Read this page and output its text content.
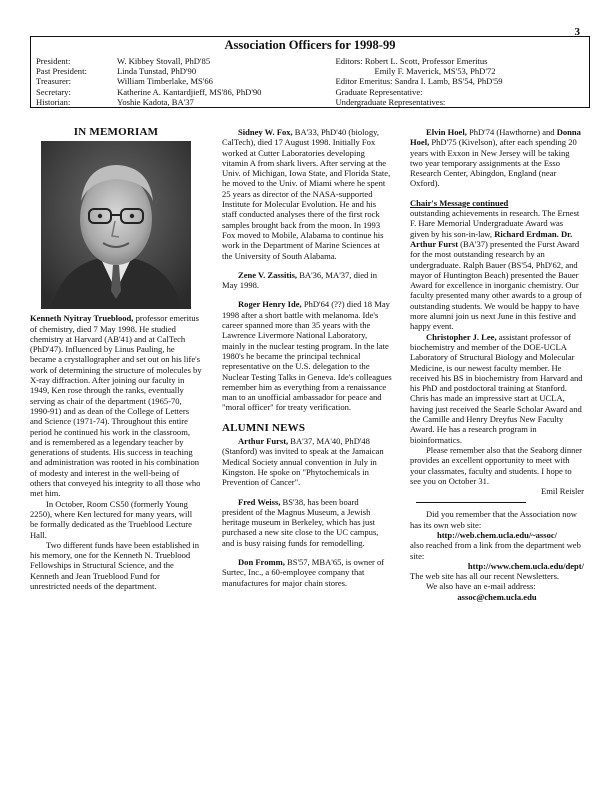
3
Association Officers for 1998-99
President:	W. Kibbey Stovall, PhD'85
Past President:	Linda Tunstad, PhD'90
Treasurer:	William Timberlake, MS'66
Secretary:	Katherine A. Kantardjieff, MS'86, PhD'90
Historian:	Yoshie Kadota, BA'37
Editors: Robert L. Scott, Professor Emeritus
Emily F. Maverick, MS'53, PhD'72
Editor Emeritus: Sandra I. Lamb, BS'54, PhD'59
Graduate Representative:
Undergraduate Representatives:
IN MEMORIAM

Kenneth Nyitray Trueblood, professor emeritus of chemistry, died 7 May 1998. He studied chemistry at Harvard (AB'41) and at CalTech (PhD'47). Influenced by Linus Pauling, he became a crystallographer and set out on his life's work of determining the structure of molecules by X-ray diffraction. After joining our faculty in 1949, Ken rose through the ranks, eventually serving as chair of the department (1965-70, 1990-91) and as dean of the College of Letters and Science (1971-74). Throughout this entire period he continued his work in the classroom, and is remembered as a legendary teacher by generations of students. His success in teaching and administration was rooted in his combination of modesty and interest in the well-being of others that conveyed his integrity to all those who met him.

In October, Room CS50 (formerly Young 2250), where Ken lectured for many years, will be formally dedicated as the Trueblood Lecture Hall.

Two different funds have been established in his memory, one for the Kenneth N. Trueblood Fellowships in Structural Science, and the Kenneth and Jean Trueblood Fund for unrestricted needs of the department.

Sidney W. Fox, BA'33, PhD'40 (biology, CalTech), died 17 August 1998. Initially Fox worked at Cutter Laboratories developing vitamin A from shark livers. After serving at the Univ. of Michigan, Iowa State, and Florida State, he moved to the Univ. of Miami where he spent 25 years as director of the NASA-supported Institute for Molecular Evolution. He and his staff conducted analyses there of the first rock samples brought back from the moon. In 1993 Fox moved to Mobile, Alabama to continue his work in the Department of Marine Sciences at the University of South Alabama.

Zene V. Zassitis, BA'36, MA'37, died in May 1998.

Roger Henry Ide, PhD'64 (??) died 18 May 1998 after a short battle with melanoma. Ide's career spanned more than 35 years with the Lawrence Livermore National Laboratory, mainly in the nuclear testing program. In the late 1980's he became the principal technical representative on the U.S. delegation to the Nuclear Testing Talks in Geneva. Ide's colleagues remember him as everything from a renaissance man to an unofficial ambassador for peace and "moral officer" for treaty verification.

ALUMNI NEWS

Arthur Furst, BA'37, MA'40, PhD'48 (Stanford) was invited to speak at the Jamaican Medical Society annual convention in July in Kingston. He spoke on "Phytochemicals in Prevention of Cancer".

Fred Weiss, BS'38, has been board president of the Magnus Museum, a Jewish heritage museum in Berkeley, which has just purchased a new site close to the UC campus, and is busy raising funds for remodelling.

Don Fromm, BS'57, MBA'65, is owner of Surtec, Inc., a 60-employee company that manufactures for major chain stores.

Elvin Hoel, PhD'74 (Hawthorne) and Donna Hoel, PhD'75 (Kivelson), after each spending 20 years with Exxon in New Jersey will be taking two year temporary assignments at the Esso Research Center, Abingdon, England (near Oxford).

Chair's Message continued

outstanding achievements in research. The Ernest F. Hare Memorial Undergraduate Award was given by his son-in-law, Richard Erdman. Dr. Arthur Furst (BA'37) presented the Furst Award for the most outstanding research by an undergraduate. Ralph Bauer (BS'54, PhD'62, and mayor of Huntington Beach) presented the Bauer Award for excellence in inorganic chemistry. Our faculty presented many other awards to a group of outstanding students. We would be happy to have more alumni join us next June in this festive and happy event.

Christopher J. Lee, assistant professor of biochemistry and member of the DOE-UCLA Laboratory of Structural Biology and Molecular Medicine, is our newest faculty member. He received his BS in biochemistry from Harvard and his PhD and postdoctoral training at Stanford. Chris has made an impressive start at UCLA, having just received the Searle Scholar Award and the Camille and Henry Dreyfus New Faculty Award. He has a research program in bioinformatics.

Please remember also that the Seaborg dinner provides an excellent opportunity to meet with your classmates, faculty and students. I hope to see you on October 31.

Emil Reisler

Did you remember that the Association now has its own web site:

http://web.chem.ucla.edu/~assoc/

also reached from a link from the department web site:

http://www.chem.ucla.edu/dept/

The web site has all our recent Newsletters.

We also have an e-mail address:

assoc@chem.ucla.edu
